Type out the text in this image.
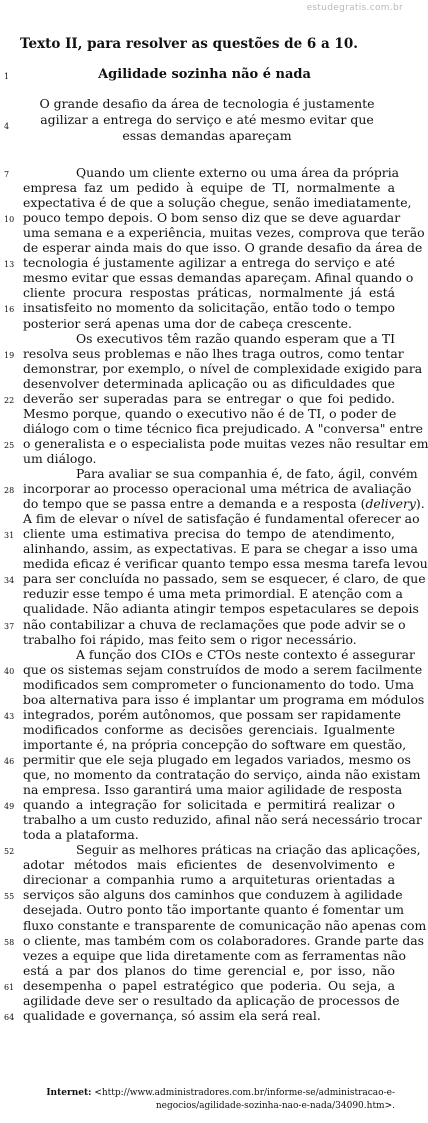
estudegratis.com.br
Texto II, para resolver as questões de 6 a 10.
1	Agilidade sozinha não é nada
4
O grande desafio da área de tecnologia é justamente agilizar a entrega do serviço e até mesmo evitar que essas demandas apareçam
7	Quando um cliente externo ou uma área da própria
empresa faz um pedido à equipe de TI, normalmente a
expectativa é de que a solução chegue, senão imediatamente,
10 pouco tempo depois. O bom senso diz que se deve aguardar
uma semana e a experiência, muitas vezes, comprova que terão
de esperar ainda mais do que isso. O grande desafio da área de
13 tecnologia é justamente agilizar a entrega do serviço e até
mesmo evitar que essas demandas apareçam. Afinal quando o
cliente procura respostas práticas, normalmente já está
16 insatisfeito no momento da solicitação, então todo o tempo
posterior será apenas uma dor de cabeça crescente.
Os executivos têm razão quando esperam que a TI
19 resolva seus problemas e não lhes traga outros, como tentar
demonstrar, por exemplo, o nível de complexidade exigido para
desenvolver determinada aplicação ou as dificuldades que
22 deverão ser superadas para se entregar o que foi pedido.
Mesmo porque, quando o executivo não é de TI, o poder de
diálogo com o time técnico fica prejudicado. A "conversa" entre
25 o generalista e o especialista pode muitas vezes não resultar em
um diálogo.
Para avaliar se sua companhia é, de fato, ágil, convém
28 incorporar ao processo operacional uma métrica de avaliação
do tempo que se passa entre a demanda e a resposta (delivery).
A fim de elevar o nível de satisfação é fundamental oferecer ao
31 cliente uma estimativa precisa do tempo de atendimento,
alinhando, assim, as expectativas. E para se chegar a isso uma
medida eficaz é verificar quanto tempo essa mesma tarefa levou
34 para ser concluída no passado, sem se esquecer, é claro, de que
reduzir esse tempo é uma meta primordial. E atenção com a
qualidade. Não adianta atingir tempos espetaculares se depois
37 não contabilizar a chuva de reclamações que pode advir se o
trabalho foi rápido, mas feito sem o rigor necessário.
A função dos CIOs e CTOs neste contexto é assegurar
40 que os sistemas sejam construídos de modo a serem facilmente
modificados sem comprometer o funcionamento do todo. Uma
boa alternativa para isso é implantar um programa em módulos
43 integrados, porém autônomos, que possam ser rapidamente
modificados conforme as decisões gerenciais. Igualmente
importante é, na própria concepção do software em questão,
46 permitir que ele seja plugado em legados variados, mesmo os
que, no momento da contratação do serviço, ainda não existam
na empresa. Isso garantirá uma maior agilidade de resposta
49 quando a integração for solicitada e permitirá realizar o
trabalho a um custo reduzido, afinal não será necessário trocar
toda a plataforma.
52	Seguir as melhores práticas na criação das aplicações,
adotar métodos mais eficientes de desenvolvimento e
direcionar a companhia rumo a arquiteturas orientadas a
55 serviços são alguns dos caminhos que conduzem à agilidade
desejada. Outro ponto tão importante quanto é fomentar um
fluxo constante e transparente de comunicação não apenas com
58 o cliente, mas também com os colaboradores. Grande parte das
vezes a equipe que lida diretamente com as ferramentas não
está a par dos planos do time gerencial e, por isso, não
61 desempenha o papel estratégico que poderia. Ou seja, a
agilidade deve ser o resultado da aplicação de processos de
64 qualidade e governança, só assim ela será real.
Internet: <http://www.administradores.com.br/informe-se/administracao-e-
negocios/agilidade-sozinha-nao-e-nada/34090.htm>.
